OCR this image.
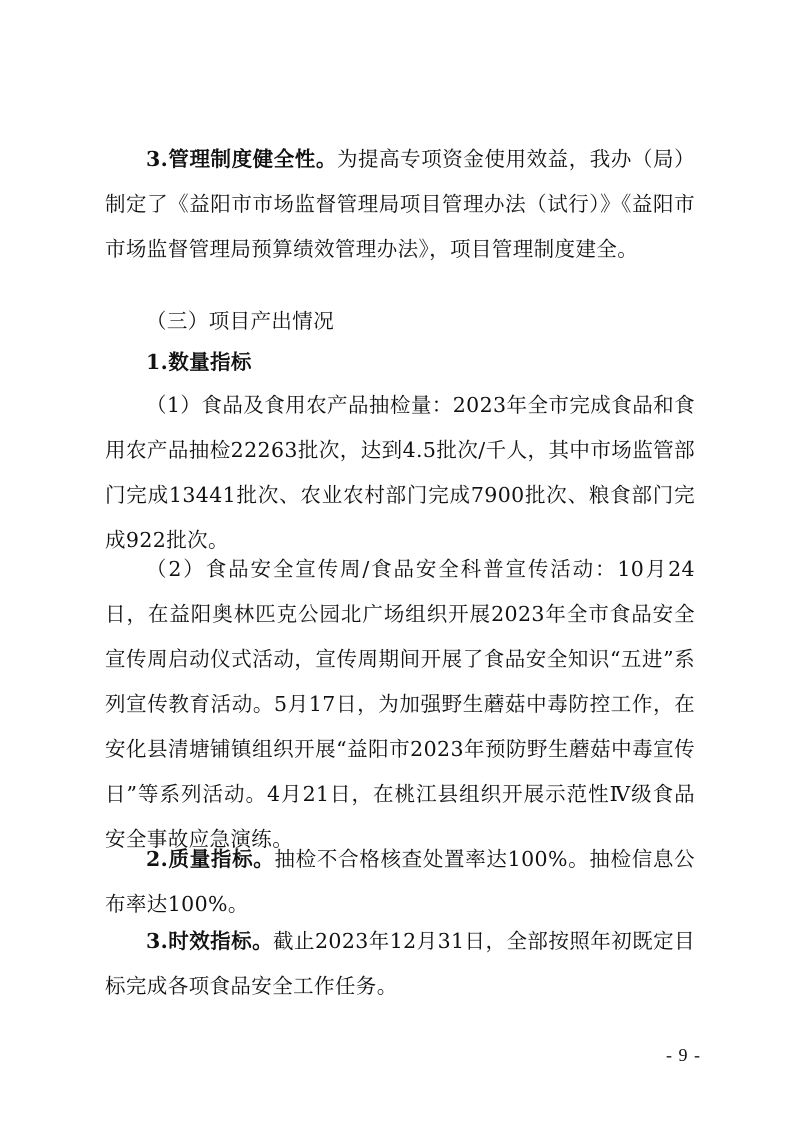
3.管理制度健全性。为提高专项资金使用效益，我办（局）制定了《益阳市市场监督管理局项目管理办法（试行）》《益阳市市场监督管理局预算绩效管理办法》，项目管理制度建全。

（三）项目产出情况

1.数量指标

（1）食品及食用农产品抽检量：2023年全市完成食品和食用农产品抽检22263批次，达到4.5批次/千人，其中市场监管部门完成13441批次、农业农村部门完成7900批次、粮食部门完成922批次。

（2）食品安全宣传周/食品安全科普宣传活动：10月24日，在益阳奥林匹克公园北广场组织开展2023年全市食品安全宣传周启动仪式活动，宣传周期间开展了食品安全知识“五进”系列宣传教育活动。5月17日，为加强野生蘑菇中毒防控工作，在安化县清塘铺镇组织开展“益阳市2023年预防野生蘑菇中毒宣传日”等系列活动。4月21日，在桃江县组织开展示范性Ⅳ级食品安全事故应急演练。

2.质量指标。抽检不合格核查处置率达100%。抽检信息公布率达100%。

3.时效指标。截止2023年12月31日，全部按照年初既定目标完成各项食品安全工作任务。

- 9 -
